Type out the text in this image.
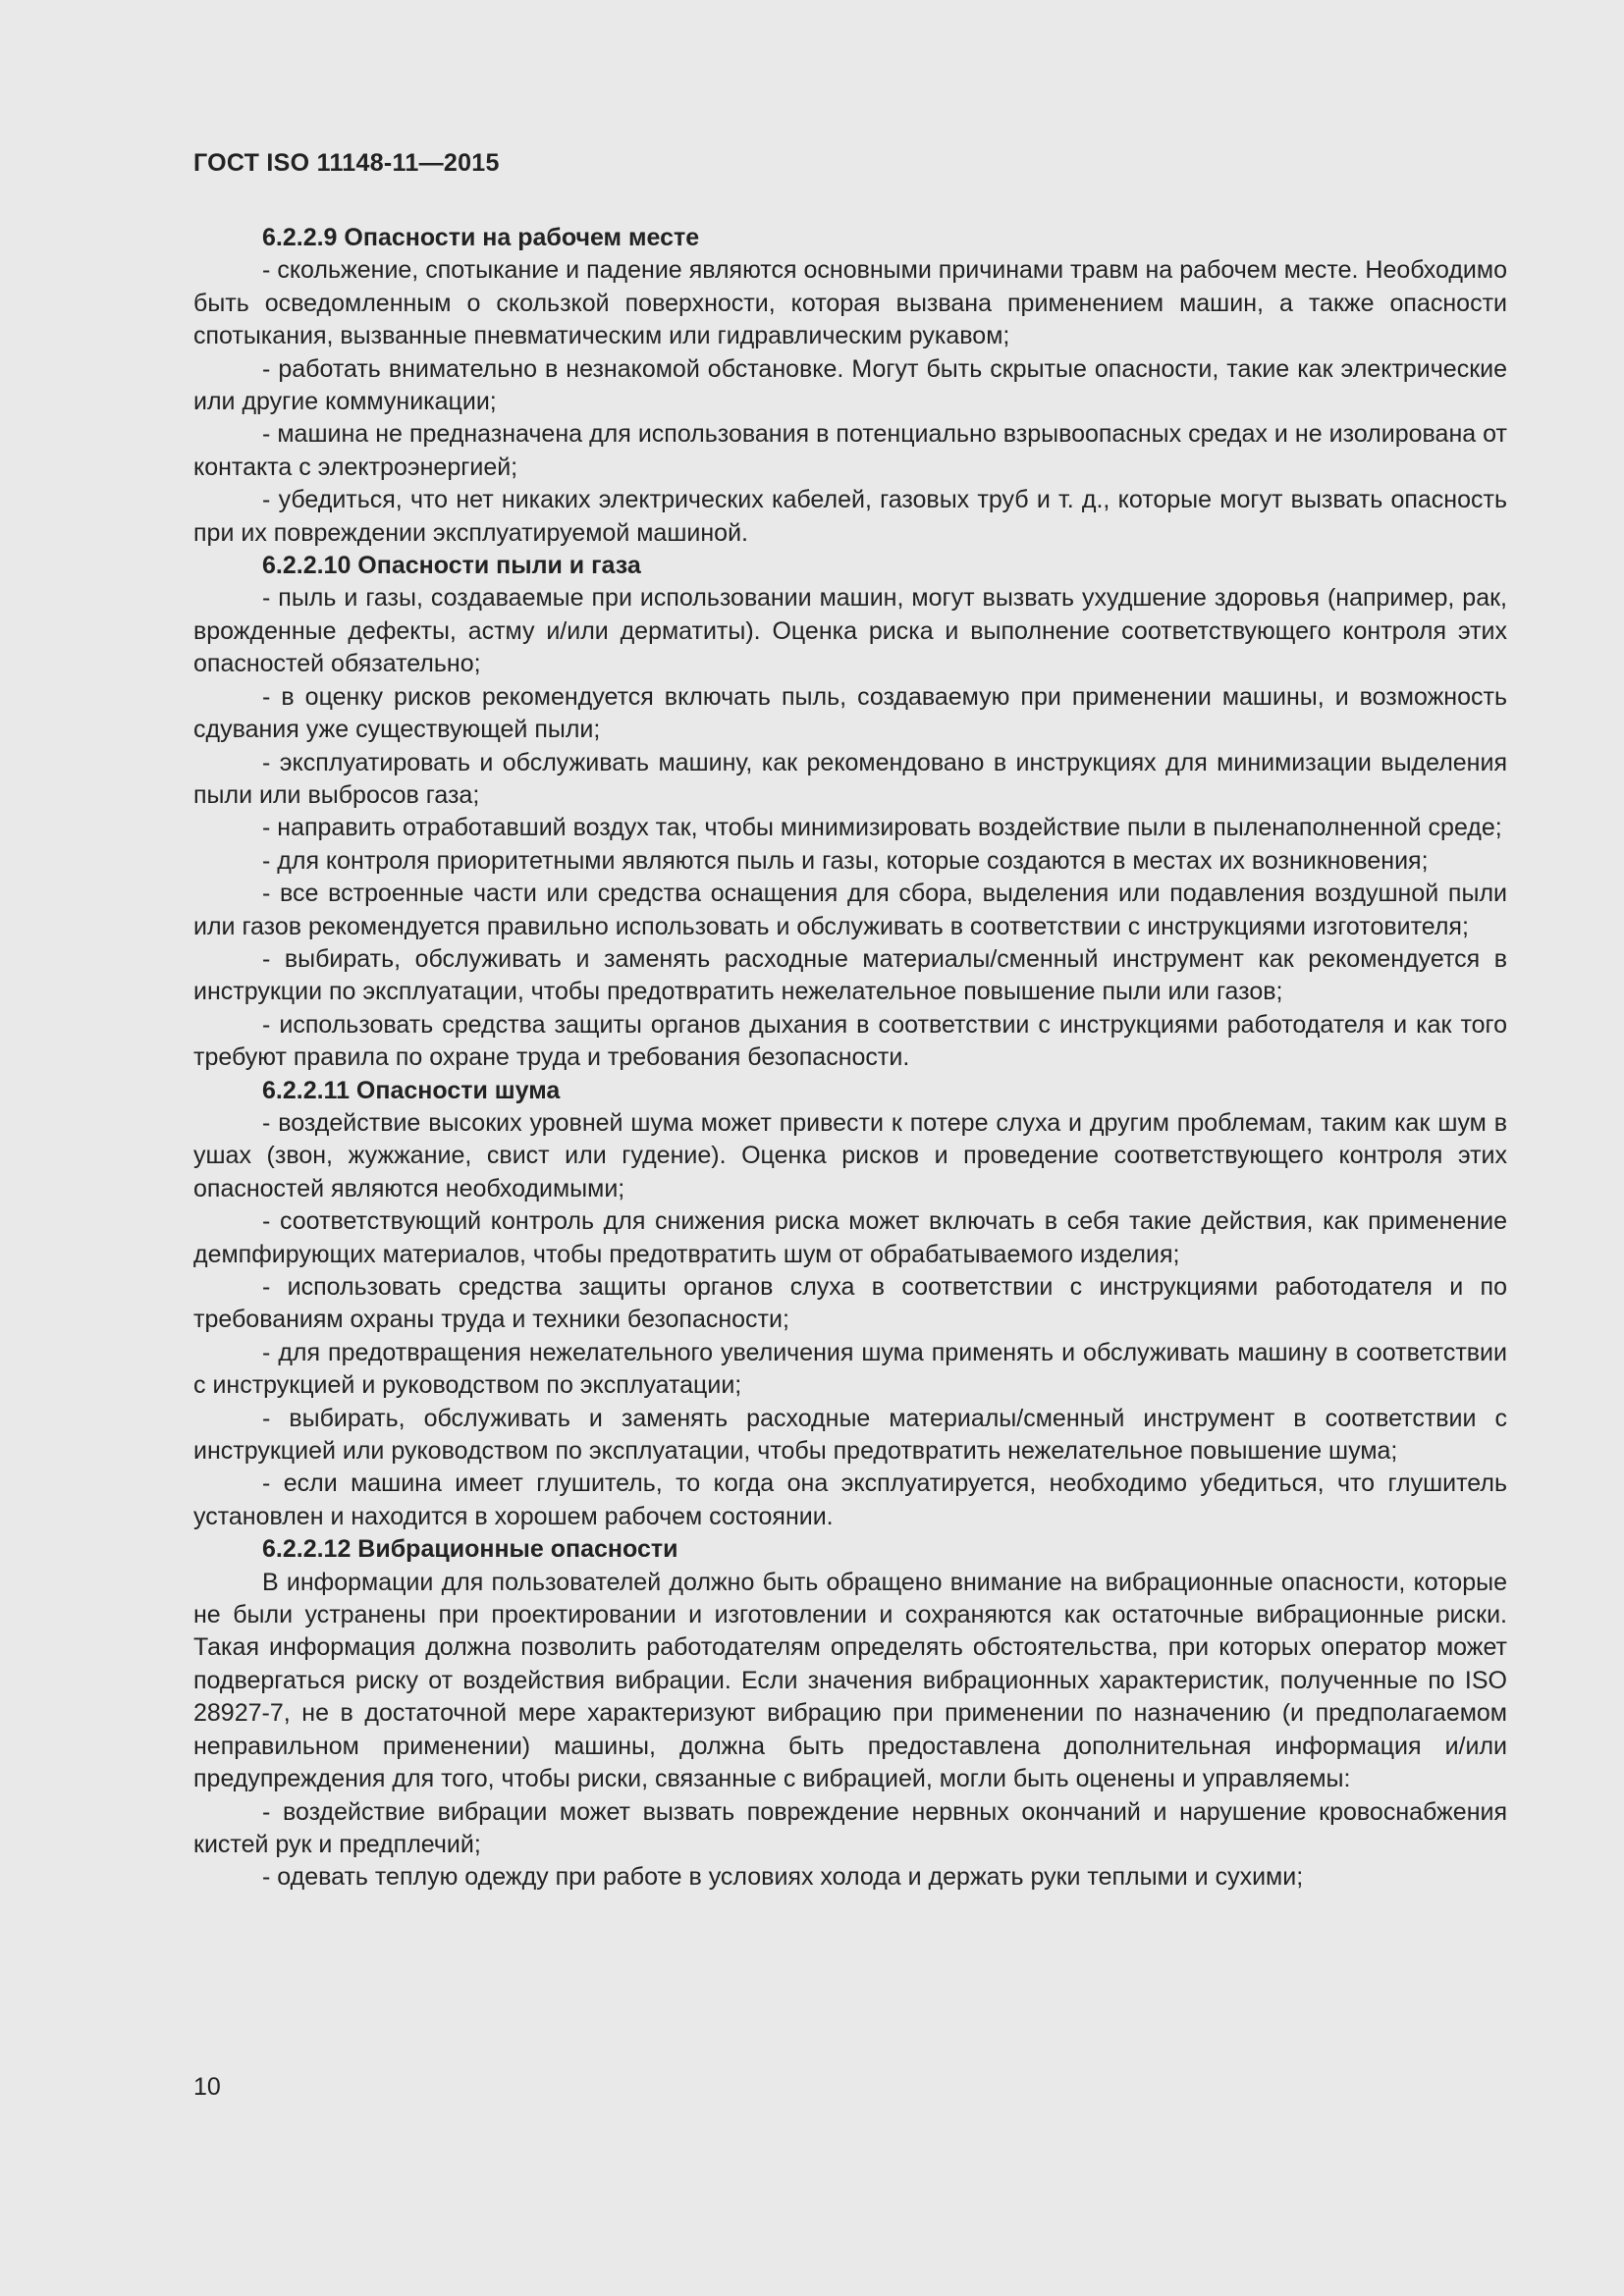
ГОСТ ISO 11148-11—2015

6.2.2.9 Опасности на рабочем месте

- скольжение, спотыкание и падение являются основными причинами травм на рабочем месте. Необходимо быть осведомленным о скользкой поверхности, которая вызвана применением машин, а также опасности спотыкания, вызванные пневматическим или гидравлическим рукавом;

- работать внимательно в незнакомой обстановке. Могут быть скрытые опасности, такие как электрические или другие коммуникации;

- машина не предназначена для использования в потенциально взрывоопасных средах и не изолирована от контакта с электроэнергией;

- убедиться, что нет никаких электрических кабелей, газовых труб и т. д., которые могут вызвать опасность при их повреждении эксплуатируемой машиной.

6.2.2.10 Опасности пыли и газа

- пыль и газы, создаваемые при использовании машин, могут вызвать ухудшение здоровья (например, рак, врожденные дефекты, астму и/или дерматиты). Оценка риска и выполнение соответствующего контроля этих опасностей обязательно;

- в оценку рисков рекомендуется включать пыль, создаваемую при применении машины, и возможность сдувания уже существующей пыли;

- эксплуатировать и обслуживать машину, как рекомендовано в инструкциях для минимизации выделения пыли или выбросов газа;

- направить отработавший воздух так, чтобы минимизировать воздействие пыли в пыленаполненной среде;

- для контроля приоритетными являются пыль и газы, которые создаются в местах их возникновения;

- все встроенные части или средства оснащения для сбора, выделения или подавления воздушной пыли или газов рекомендуется правильно использовать и обслуживать в соответствии с инструкциями изготовителя;

- выбирать, обслуживать и заменять расходные материалы/сменный инструмент как рекомендуется в инструкции по эксплуатации, чтобы предотвратить нежелательное повышение пыли или газов;

- использовать средства защиты органов дыхания в соответствии с инструкциями работодателя и как того требуют правила по охране труда и требования безопасности.

6.2.2.11 Опасности шума

- воздействие высоких уровней шума может привести к потере слуха и другим проблемам, таким как шум в ушах (звон, жужжание, свист или гудение). Оценка рисков и проведение соответствующего контроля этих опасностей являются необходимыми;

- соответствующий контроль для снижения риска может включать в себя такие действия, как применение демпфирующих материалов, чтобы предотвратить шум от обрабатываемого изделия;

- использовать средства защиты органов слуха в соответствии с инструкциями работодателя и по требованиям охраны труда и техники безопасности;

- для предотвращения нежелательного увеличения шума применять и обслуживать машину в соответствии с инструкцией и руководством по эксплуатации;

- выбирать, обслуживать и заменять расходные материалы/сменный инструмент в соответствии с инструкцией или руководством по эксплуатации, чтобы предотвратить нежелательное повышение шума;

- если машина имеет глушитель, то когда она эксплуатируется, необходимо убедиться, что глушитель установлен и находится в хорошем рабочем состоянии.

6.2.2.12 Вибрационные опасности

В информации для пользователей должно быть обращено внимание на вибрационные опасности, которые не были устранены при проектировании и изготовлении и сохраняются как остаточные вибрационные риски. Такая информация должна позволить работодателям определять обстоятельства, при которых оператор может подвергаться риску от воздействия вибрации. Если значения вибрационных характеристик, полученные по ISO 28927-7, не в достаточной мере характеризуют вибрацию при применении по назначению (и предполагаемом неправильном применении) машины, должна быть предоставлена дополнительная информация и/или предупреждения для того, чтобы риски, связанные с вибрацией, могли быть оценены и управляемы:

- воздействие вибрации может вызвать повреждение нервных окончаний и нарушение кровоснабжения кистей рук и предплечий;

- одевать теплую одежду при работе в условиях холода и держать руки теплыми и сухими;

10
